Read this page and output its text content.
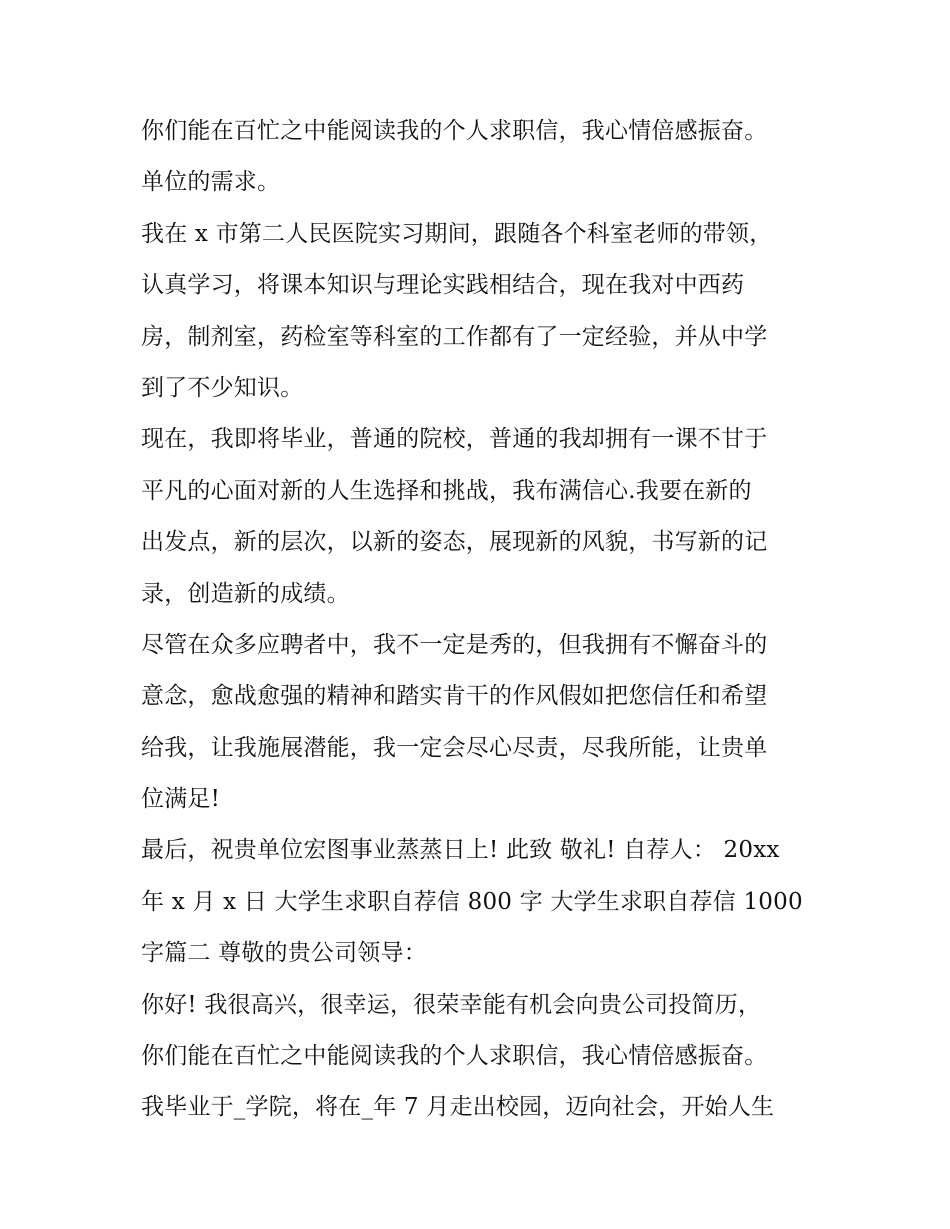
你们能在百忙之中能阅读我的个人求职信，我心情倍感振奋。
单位的需求。
我在 x 市第二人民医院实习期间，跟随各个科室老师的带领，
认真学习，将课本知识与理论实践相结合，现在我对中西药
房，制剂室，药检室等科室的工作都有了一定经验，并从中学
到了不少知识。
现在，我即将毕业，普通的院校，普通的我却拥有一课不甘于
平凡的心面对新的人生选择和挑战，我布满信心.我要在新的
出发点，新的层次，以新的姿态，展现新的风貌，书写新的记
录，创造新的成绩。
尽管在众多应聘者中，我不一定是秀的，但我拥有不懈奋斗的
意念，愈战愈强的精神和踏实肯干的作风假如把您信任和希望
给我，让我施展潜能，我一定会尽心尽责，尽我所能，让贵单
位满足!
最后，祝贵单位宏图事业蒸蒸日上! 此致 敬礼! 自荐人： 20xx
年 x 月 x 日 大学生求职自荐信 800 字 大学生求职自荐信 1000
字篇二 尊敬的贵公司领导：
你好! 我很高兴，很幸运，很荣幸能有机会向贵公司投简历，
你们能在百忙之中能阅读我的个人求职信，我心情倍感振奋。
我毕业于_学院，将在_年 7 月走出校园，迈向社会，开始人生
